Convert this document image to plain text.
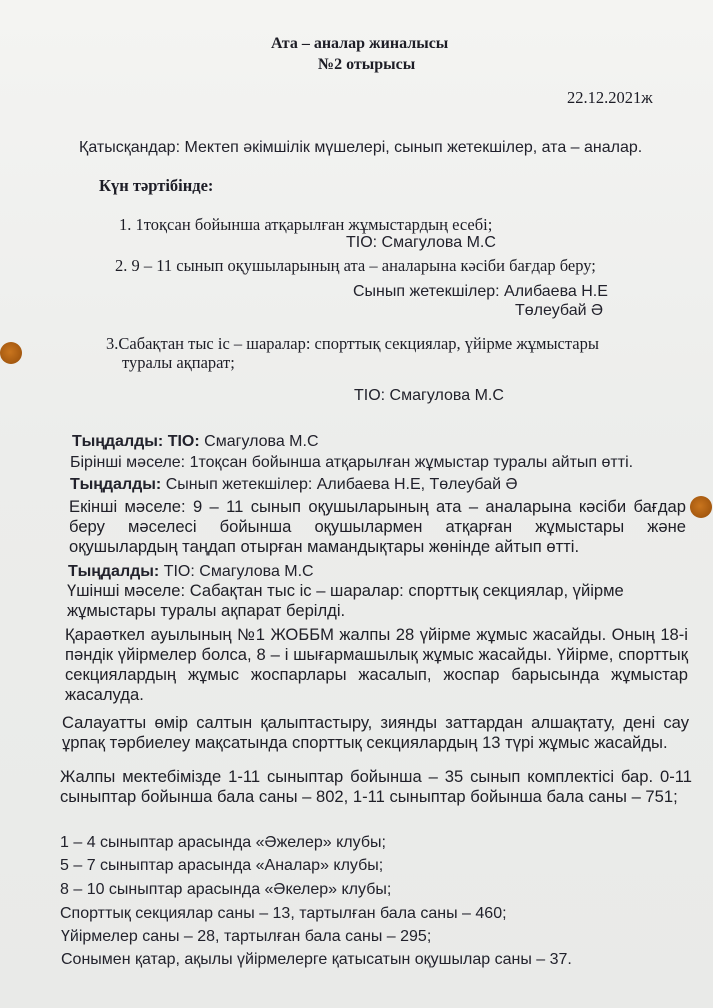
Ата – аналар жиналысы
№2 отырысы
22.12.2021ж
Қатысқандар: Мектеп әкімшілік мүшелері, сынып жетекшілер, ата – аналар.
Күн тәртібінде:
1. 1тоқсан бойынша атқарылған жұмыстардың есебі;
ТІО: Смагулова М.С
2. 9 – 11 сынып оқушыларының ата – аналарына кәсіби бағдар беру;
Сынып жетекшілер: Алибаева Н.Е
Төлеубай Ә
3.Сабақтан тыс іс – шаралар: спорттық секциялар, үйірме жұмыстары
туралы ақпарат;
ТІО: Смагулова М.С
Тыңдалды: ТІО: Смагулова М.С
Бірінші мәселе: 1тоқсан бойынша атқарылған жұмыстар туралы айтып өтті.
Тыңдалды: Сынып жетекшілер: Алибаева Н.Е, Төлеубай Ә
Екінші мәселе: 9 – 11 сынып оқушыларының ата – аналарына кәсіби бағдар беру мәселесі бойынша оқушылармен атқарған жұмыстары және оқушылардың таңдап отырған мамандықтары жөнінде айтып өтті.
Тыңдалды: ТІО: Смагулова М.С
Үшінші мәселе: Сабақтан тыс іс – шаралар: спорттық секциялар, үйірме жұмыстары туралы ақпарат берілді.
Қараөткел ауылының №1 ЖОББМ жалпы 28 үйірме жұмыс жасайды. Оның 18-і пәндік үйірмелер болса, 8 – і шығармашылық жұмыс жасайды. Үйірме, спорттық секциялардың жұмыс жоспарлары жасалып, жоспар барысында жұмыстар жасалуда.
Салауатты өмір салтын қалыптастыру, зиянды заттардан алшақтату, дені сау ұрпақ тәрбиелеу мақсатында спорттық секциялардың 13 түрі жұмыс жасайды.
Жалпы мектебімізде 1-11 сыныптар бойынша – 35 сынып комплектісі бар. 0-11 сыныптар бойынша бала саны – 802, 1-11 сыныптар бойынша бала саны – 751;
1 – 4 сыныптар арасында «Әжелер» клубы;
5 – 7 сыныптар арасында «Аналар» клубы;
8 – 10 сыныптар арасында «Әкелер» клубы;
Спорттық секциялар саны – 13, тартылған бала саны – 460;
Үйірмелер саны – 28, тартылған бала саны – 295;
Сонымен қатар, ақылы үйірмелерге қатысатын оқушылар саны – 37.
